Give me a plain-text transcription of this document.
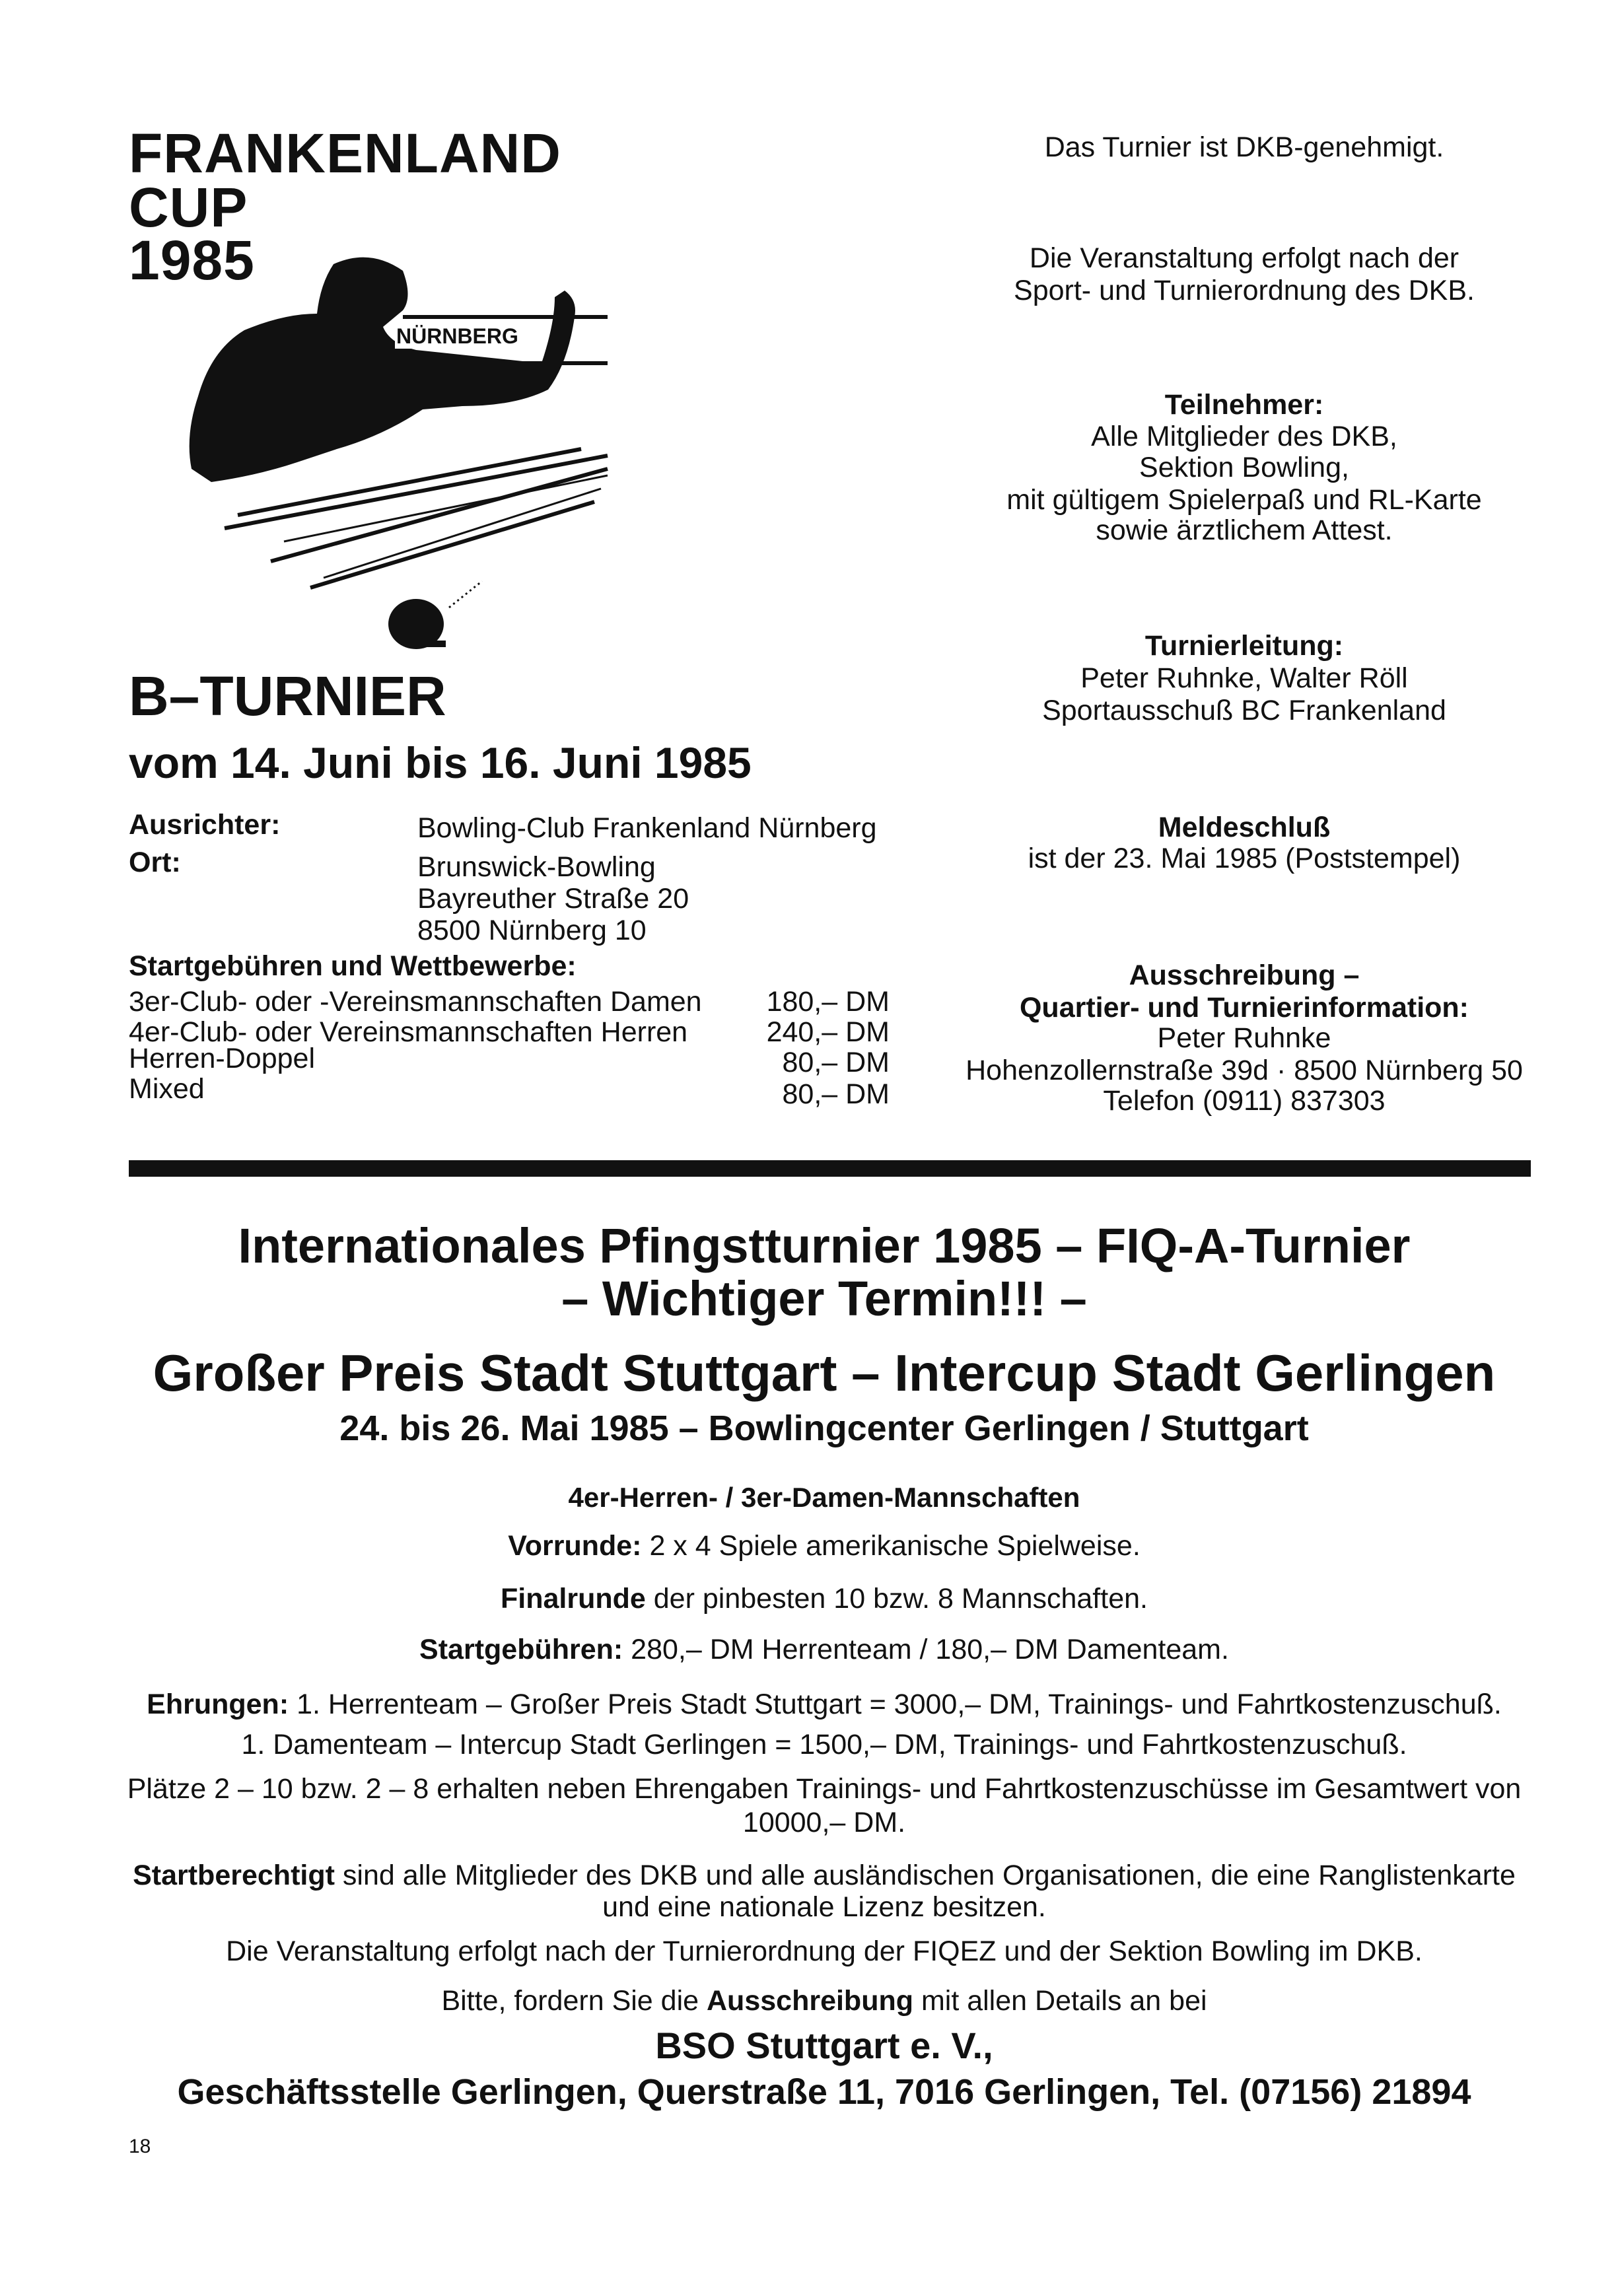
FRANKENLAND
CUP
1985
NÜRNBERG
B–TURNIER
vom 14. Juni bis 16. Juni 1985
Ausrichter:	Bowling-Club Frankenland Nürnberg
Ort:	Brunswick-Bowling
Bayreuther Straße 20
8500 Nürnberg 10
Startgebühren und Wettbewerbe:
3er-Club- oder -Vereinsmannschaften Damen 180,– DM
4er-Club- oder Vereinsmannschaften Herren	240,– DM
Herren-Doppel	80,– DM
Mixed	80,– DM
Das Turnier ist DKB-genehmigt.
Die Veranstaltung erfolgt nach der
Sport- und Turnierordnung des DKB.
Teilnehmer:
Alle Mitglieder des DKB,
Sektion Bowling,
mit gültigem Spielerpaß und RL-Karte
sowie ärztlichem Attest.
Turnierleitung:
Peter Ruhnke, Walter Röll
Sportausschuß BC Frankenland
Meldeschluß
ist der 23. Mai 1985 (Poststempel)
Ausschreibung –
Quartier- und Turnierinformation:
Peter Ruhnke
Hohenzollernstraße 39d · 8500 Nürnberg 50
Telefon (0911) 837303
Internationales Pfingstturnier 1985 – FIQ-A-Turnier
– Wichtiger Termin!!! –
Großer Preis Stadt Stuttgart – Intercup Stadt Gerlingen
24. bis 26. Mai 1985 – Bowlingcenter Gerlingen / Stuttgart
4er-Herren- / 3er-Damen-Mannschaften
Vorrunde: 2 x 4 Spiele amerikanische Spielweise.
Finalrunde der pinbesten 10 bzw. 8 Mannschaften.
Startgebühren: 280,– DM Herrenteam / 180,– DM Damenteam.
Ehrungen: 1. Herrenteam – Großer Preis Stadt Stuttgart = 3000,– DM, Trainings- und Fahrtkostenzuschuß.
1. Damenteam – Intercup Stadt Gerlingen = 1500,– DM, Trainings- und Fahrtkostenzuschuß.
Plätze 2 – 10 bzw. 2 – 8 erhalten neben Ehrengaben Trainings- und Fahrtkostenzuschüsse im Gesamtwert von
10000,– DM.
Startberechtigt sind alle Mitglieder des DKB und alle ausländischen Organisationen, die eine Ranglistenkarte
und eine nationale Lizenz besitzen.
Die Veranstaltung erfolgt nach der Turnierordnung der FIQEZ und der Sektion Bowling im DKB.
Bitte, fordern Sie die Ausschreibung mit allen Details an bei
BSO Stuttgart e. V.,
Geschäftsstelle Gerlingen, Querstraße 11, 7016 Gerlingen, Tel. (07156) 21894
18
